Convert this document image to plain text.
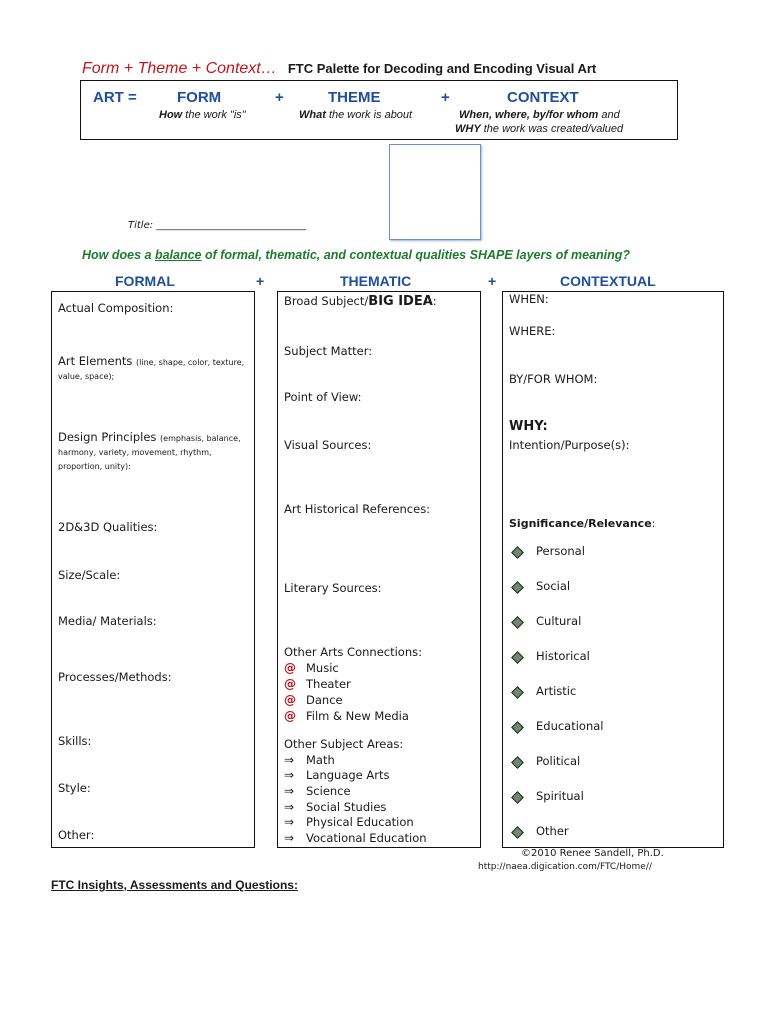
Form + Theme + Context… FTC Palette for Decoding and Encoding Visual Art
ART =	FORM	+	THEME	+	CONTEXT
How the work "is"	What the work is about	When, where, by/for whom and
WHY the work was created/valued
Title: ______________________________
How does a balance of formal, thematic, and contextual qualities SHAPE layers of meaning?
FORMAL	+	THEMATIC	+	CONTEXTUAL
Actual Composition:
Art Elements (line, shape, color, texture, value, space);
Design Principles (emphasis, balance, harmony, variety, movement, rhythm, proportion, unity):
2D&3D Qualities:
Size/Scale:
Media/ Materials:
Processes/Methods:
Skills:
Style:
Other:
Broad Subject/BIG IDEA:
Subject Matter:
Point of View:
Visual Sources:
Art Historical References:
Literary Sources:
Other Arts Connections:
@ Music
@ Theater
@ Dance
@ Film & New Media
Other Subject Areas:
⇒	Math
⇒	Language Arts
⇒	Science
⇒	Social Studies
⇒	Physical Education
⇒	Vocational Education
WHEN:
WHERE:
BY/FOR WHOM:
WHY:
Intention/Purpose(s):
Significance/Relevance:
Personal
Social
Cultural
Historical
Artistic
Educational
Political
Spiritual
Other
©2010 Renee Sandell, Ph.D.
http://naea.digication.com/FTC/Home//
FTC Insights, Assessments and Questions:
